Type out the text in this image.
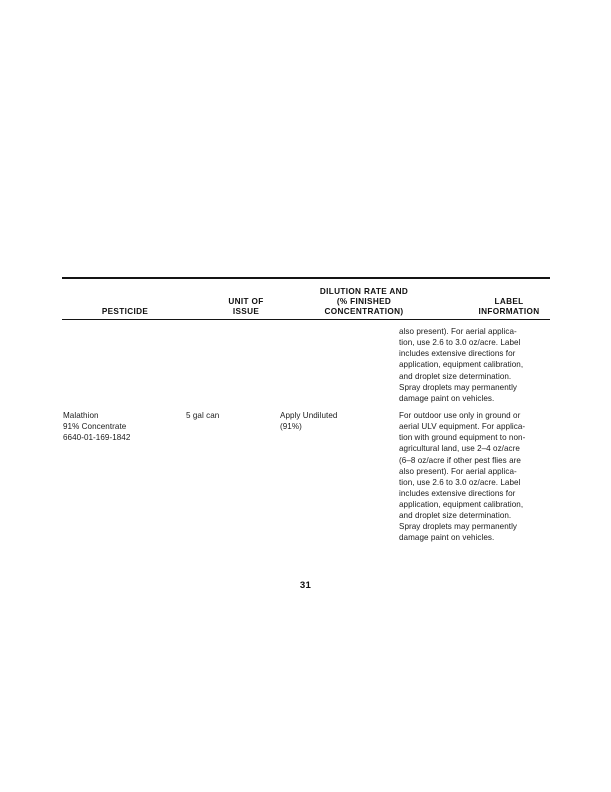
PESTICIDE
UNIT OF
ISSUE
DILUTION RATE AND
(% FINISHED
CONCENTRATION)
LABEL
INFORMATION
also present). For aerial applica-
tion, use 2.6 to 3.0 oz/acre. Label
includes extensive directions for
application, equipment calibration,
and droplet size determination.
Spray droplets may permanently
damage paint on vehicles.
Malathion
91% Concentrate
6640-01-169-1842
5 gal can	Apply Undiluted
(91%)
For outdoor use only in ground or
aerial ULV equipment. For applica-
tion with ground equipment to non-
agricultural land, use 2–4 oz/acre
(6–8 oz/acre if other pest flies are
also present). For aerial applica-
tion, use 2.6 to 3.0 oz/acre. Label
includes extensive directions for
application, equipment calibration,
and droplet size determination.
Spray droplets may permanently
damage paint on vehicles.
31
